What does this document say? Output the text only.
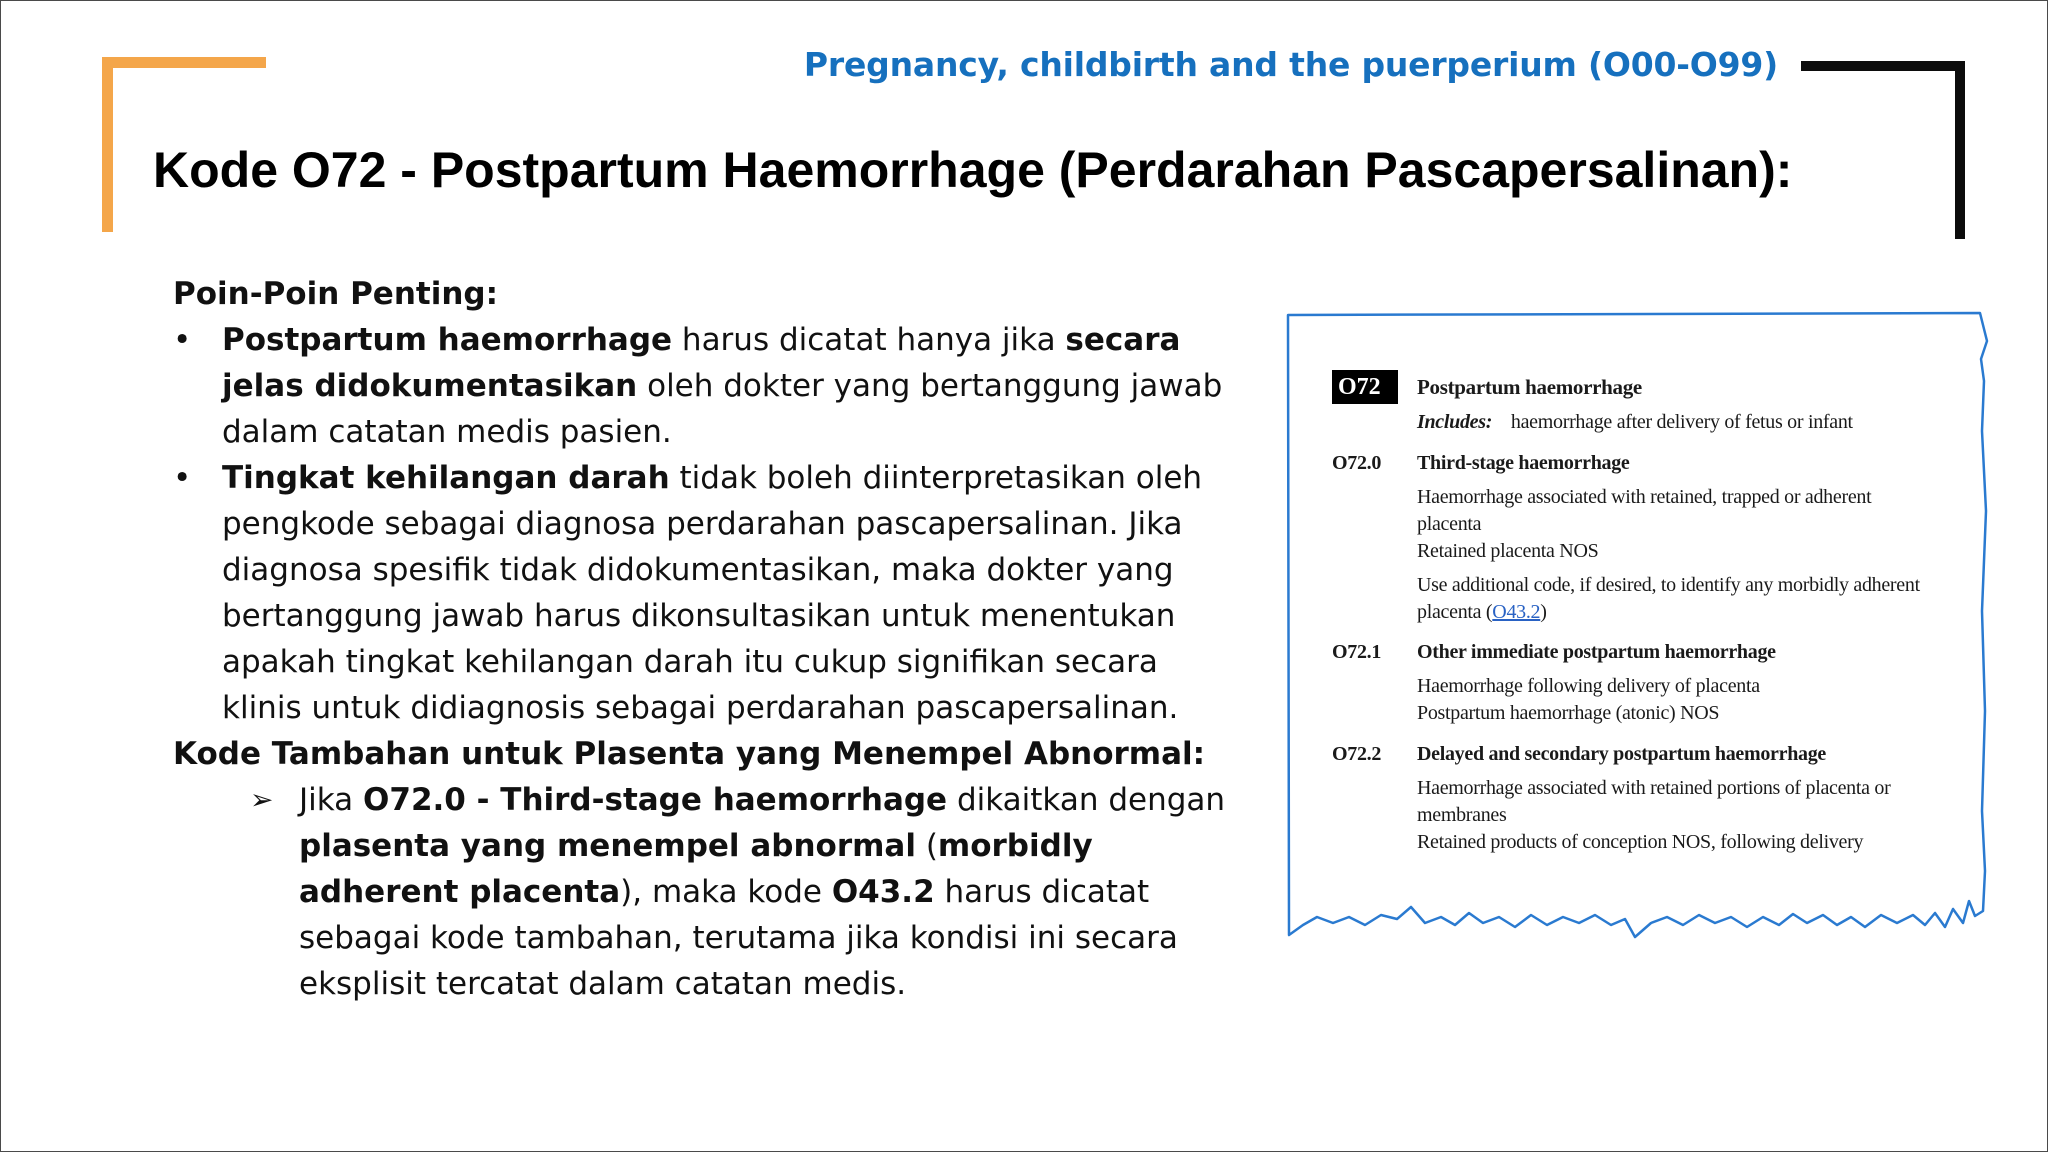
Pregnancy, childbirth and the puerperium (O00-O99)
Kode O72 - Postpartum Haemorrhage (Perdarahan Pascapersalinan):
Poin-Poin Penting:
• Postpartum haemorrhage harus dicatat hanya jika secara jelas didokumentasikan oleh dokter yang bertanggung jawab dalam catatan medis pasien.
• Tingkat kehilangan darah tidak boleh diinterpretasikan oleh pengkode sebagai diagnosa perdarahan pascapersalinan. Jika diagnosa spesifik tidak didokumentasikan, maka dokter yang bertanggung jawab harus dikonsultasikan untuk menentukan apakah tingkat kehilangan darah itu cukup signifikan secara klinis untuk didiagnosis sebagai perdarahan pascapersalinan.
Kode Tambahan untuk Plasenta yang Menempel Abnormal:
➢ Jika O72.0 - Third-stage haemorrhage dikaitkan dengan plasenta yang menempel abnormal (morbidly adherent placenta), maka kode O43.2 harus dicatat sebagai kode tambahan, terutama jika kondisi ini secara eksplisit tercatat dalam catatan medis.
O72	Postpartum haemorrhage
Includes: haemorrhage after delivery of fetus or infant
O72.0 Third-stage haemorrhage
Haemorrhage associated with retained, trapped or adherent
placenta
Retained placenta NOS
Use additional code, if desired, to identify any morbidly adherent
placenta (O43.2)
O72.1 Other immediate postpartum haemorrhage
Haemorrhage following delivery of placenta
Postpartum haemorrhage (atonic) NOS
O72.2 Delayed and secondary postpartum haemorrhage
Haemorrhage associated with retained portions of placenta or
membranes
Retained products of conception NOS, following delivery
